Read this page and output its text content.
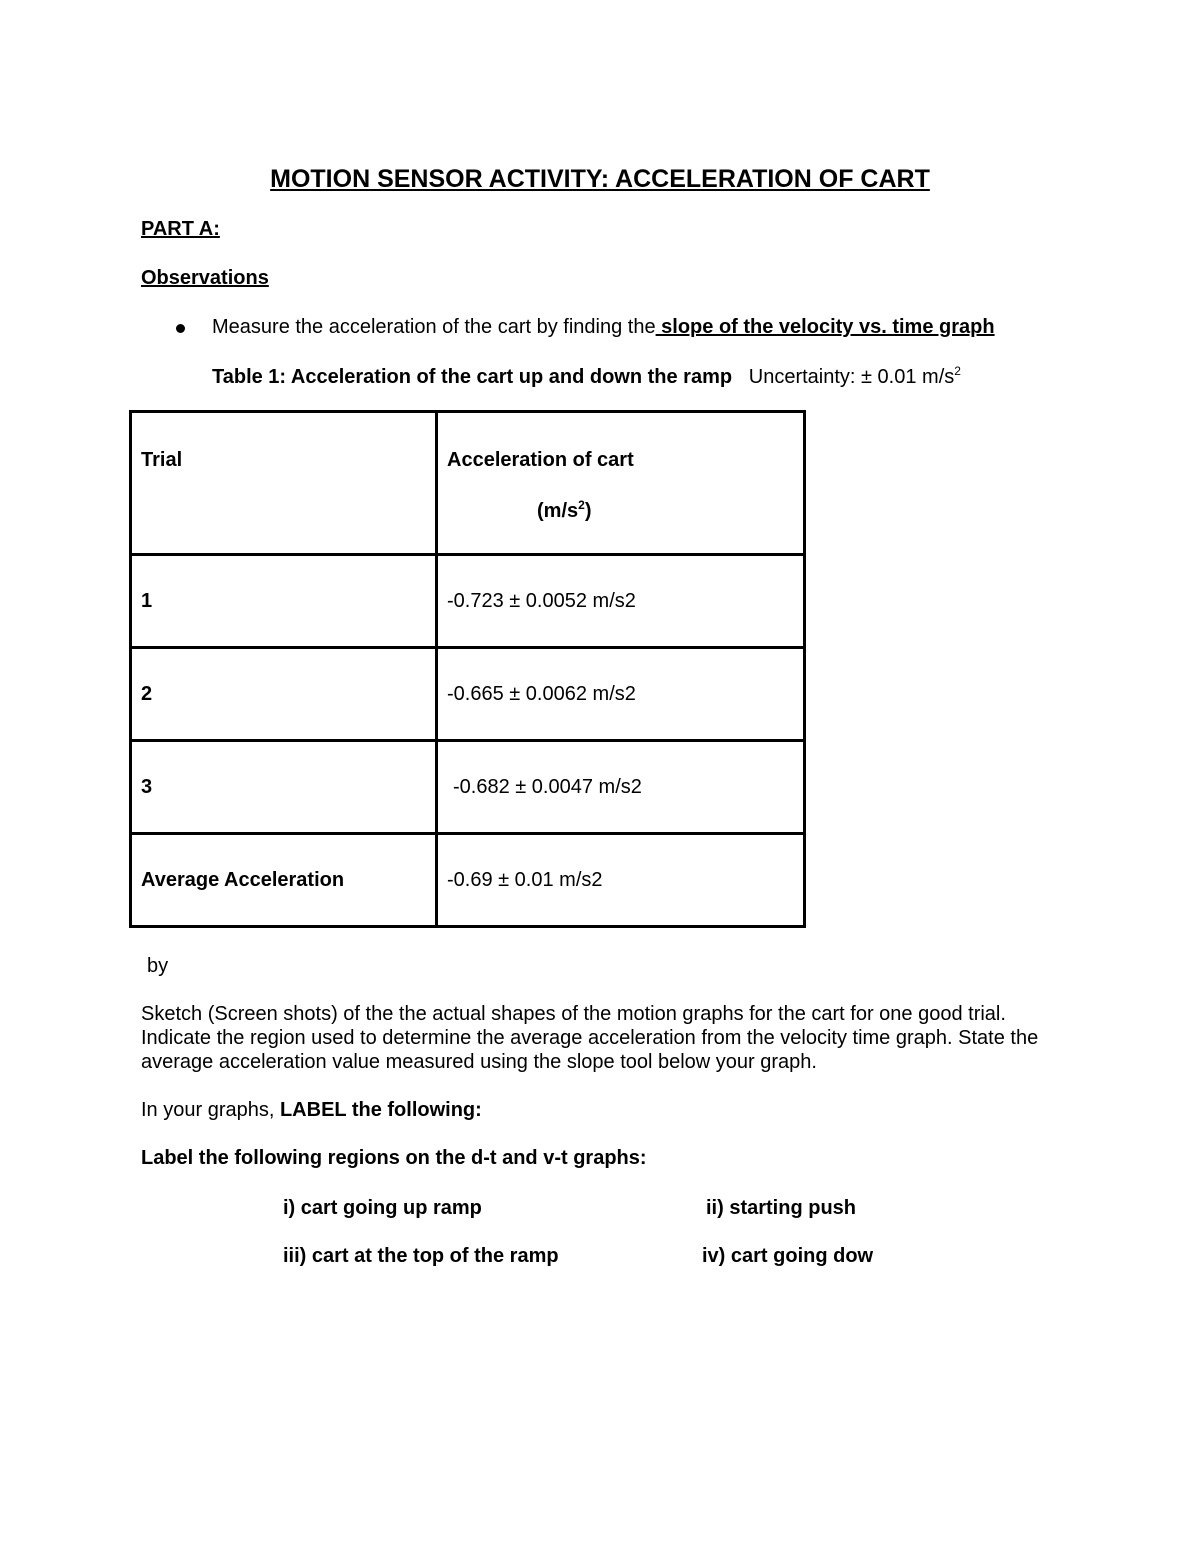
MOTION SENSOR ACTIVITY: ACCELERATION OF CART
PART A:
Observations
Measure the acceleration of the cart by finding the slope of the velocity vs. time graph
Table 1: Acceleration of the cart up and down the ramp Uncertainty: ± 0.01 $m/s^2$
Trial	Acceleration of cart
$(m/s^2)$

1	-0.723 ± 0.0052 m/s2
2	-0.665 ± 0.0062 m/s2
3	-0.682 ± 0.0047 m/s2
Average Acceleration	-0.69 ± 0.01 m/s2
by
Sketch (Screen shots) of the the actual shapes of the motion graphs for the cart for one good trial. Indicate the region used to determine the average acceleration from the velocity time graph. State the average acceleration value measured using the slope tool below your graph.
In your graphs, LABEL the following:
Label the following regions on the d-t and v-t graphs:
i) cart going up ramp	ii) starting push
iii) cart at the top of the ramp	iv) cart going dow
